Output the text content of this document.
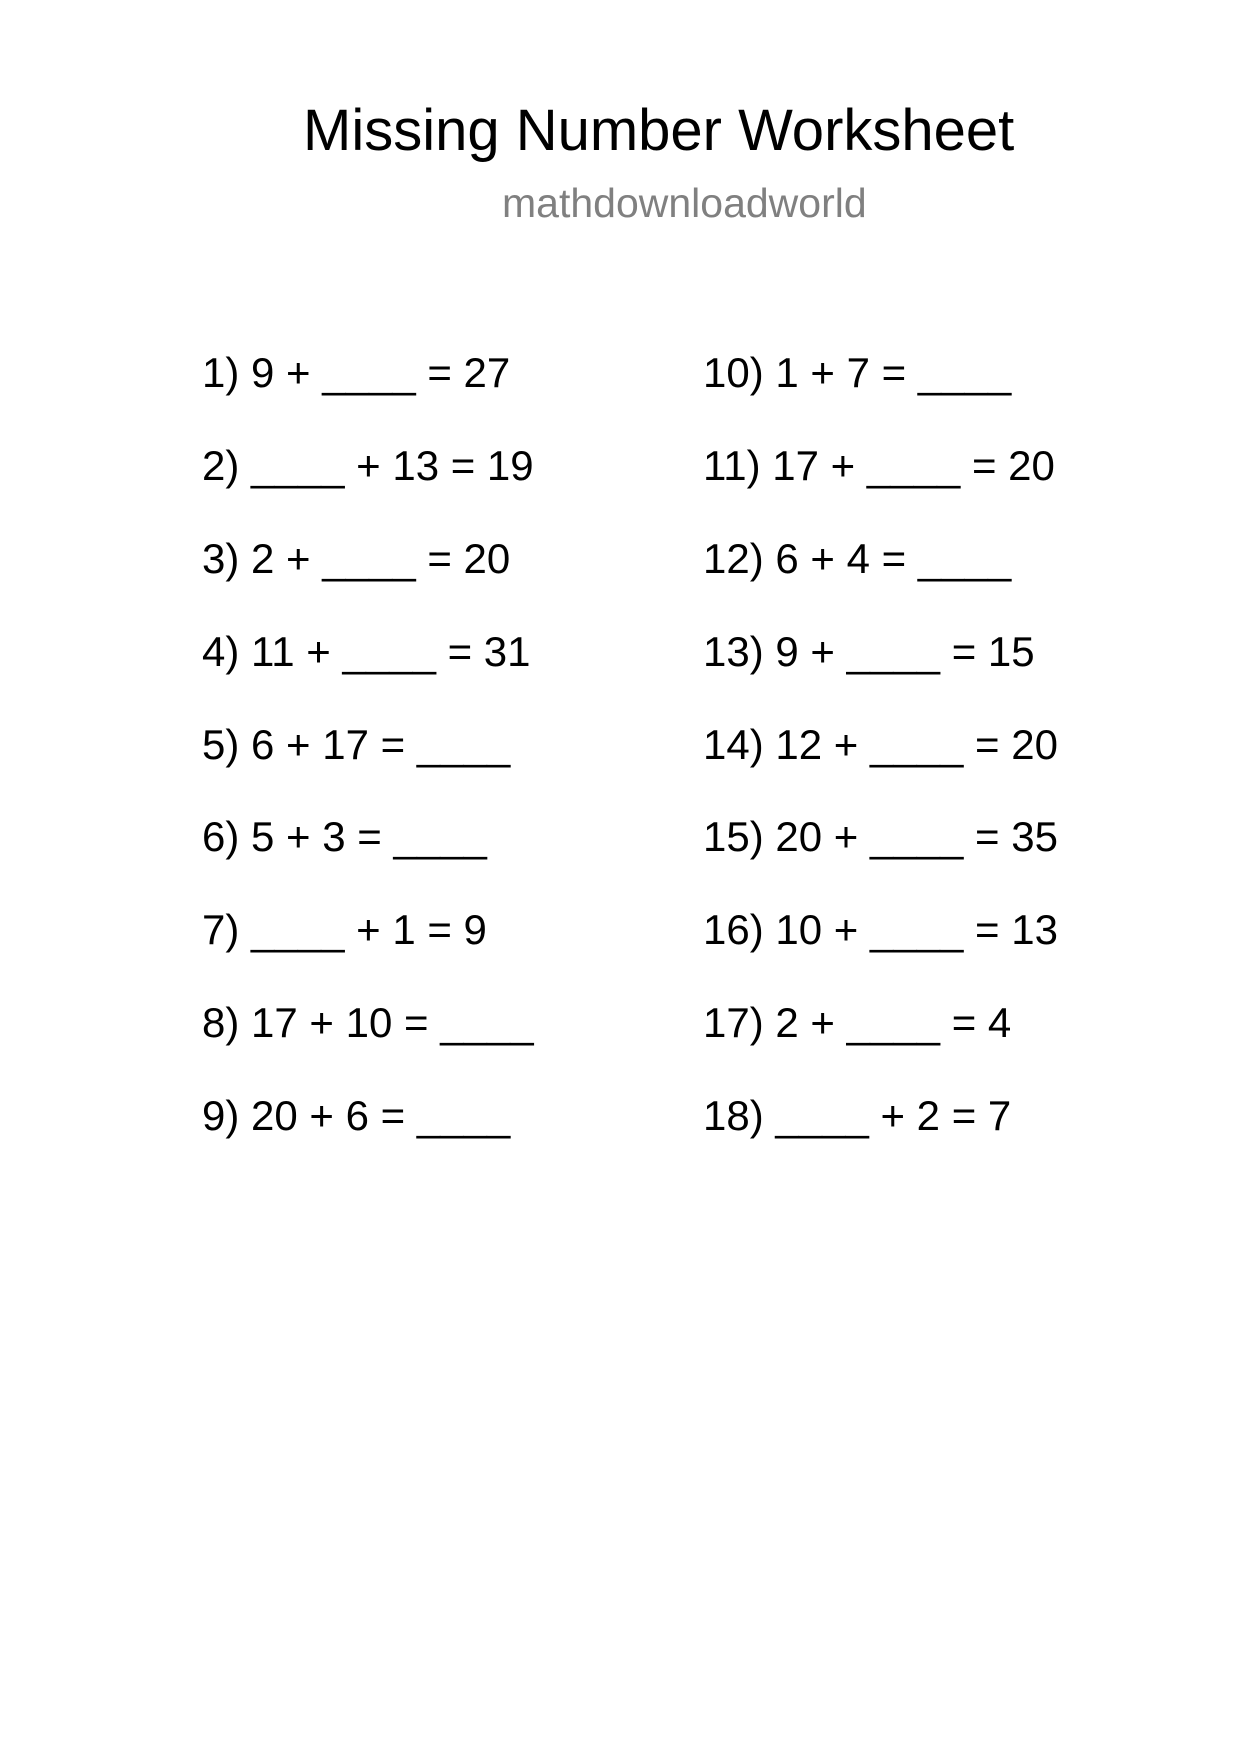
Missing Number Worksheet
mathdownloadworld
1) 9 + ____ = 27
2) ____ + 13 = 19
3) 2 + ____ = 20
4) 11 + ____ = 31
5) 6 + 17 = ____
6) 5 + 3 = ____
7) ____ + 1 = 9
8) 17 + 10 = ____
9) 20 + 6 = ____
10) 1 + 7 = ____
11) 17 + ____ = 20
12) 6 + 4 = ____
13) 9 + ____ = 15
14) 12 + ____ = 20
15) 20 + ____ = 35
16) 10 + ____ = 13
17) 2 + ____ = 4
18) ____ + 2 = 7
